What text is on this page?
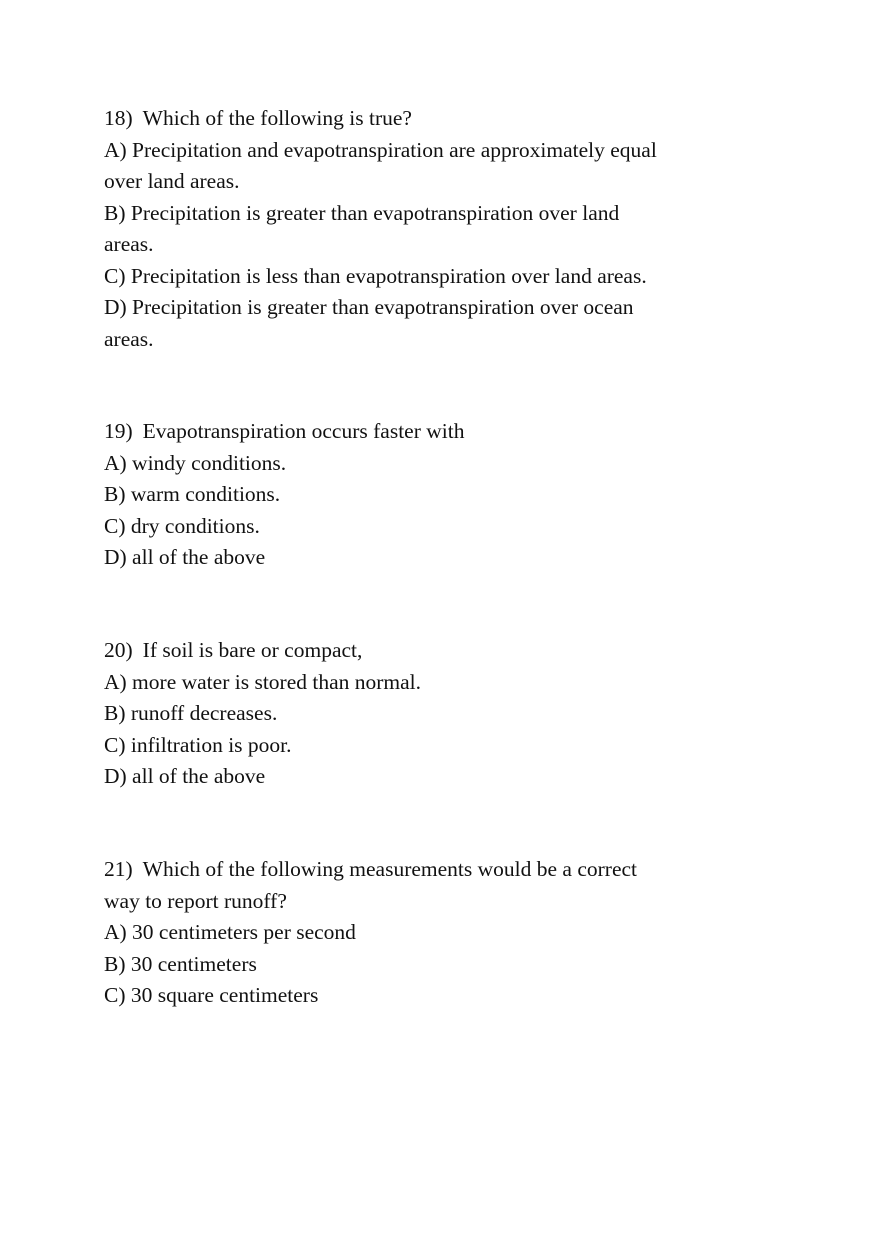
18) Which of the following is true?
A) Precipitation and evapotranspiration are approximately equal
over land areas.
B) Precipitation is greater than evapotranspiration over land
areas.
C) Precipitation is less than evapotranspiration over land areas.
D) Precipitation is greater than evapotranspiration over ocean
areas.
19) Evapotranspiration occurs faster with
A) windy conditions.
B) warm conditions.
C) dry conditions.
D) all of the above
20) If soil is bare or compact,
A) more water is stored than normal.
B) runoff decreases.
C) infiltration is poor.
D) all of the above
21) Which of the following measurements would be a correct
way to report runoff?
A) 30 centimeters per second
B) 30 centimeters
C) 30 square centimeters
